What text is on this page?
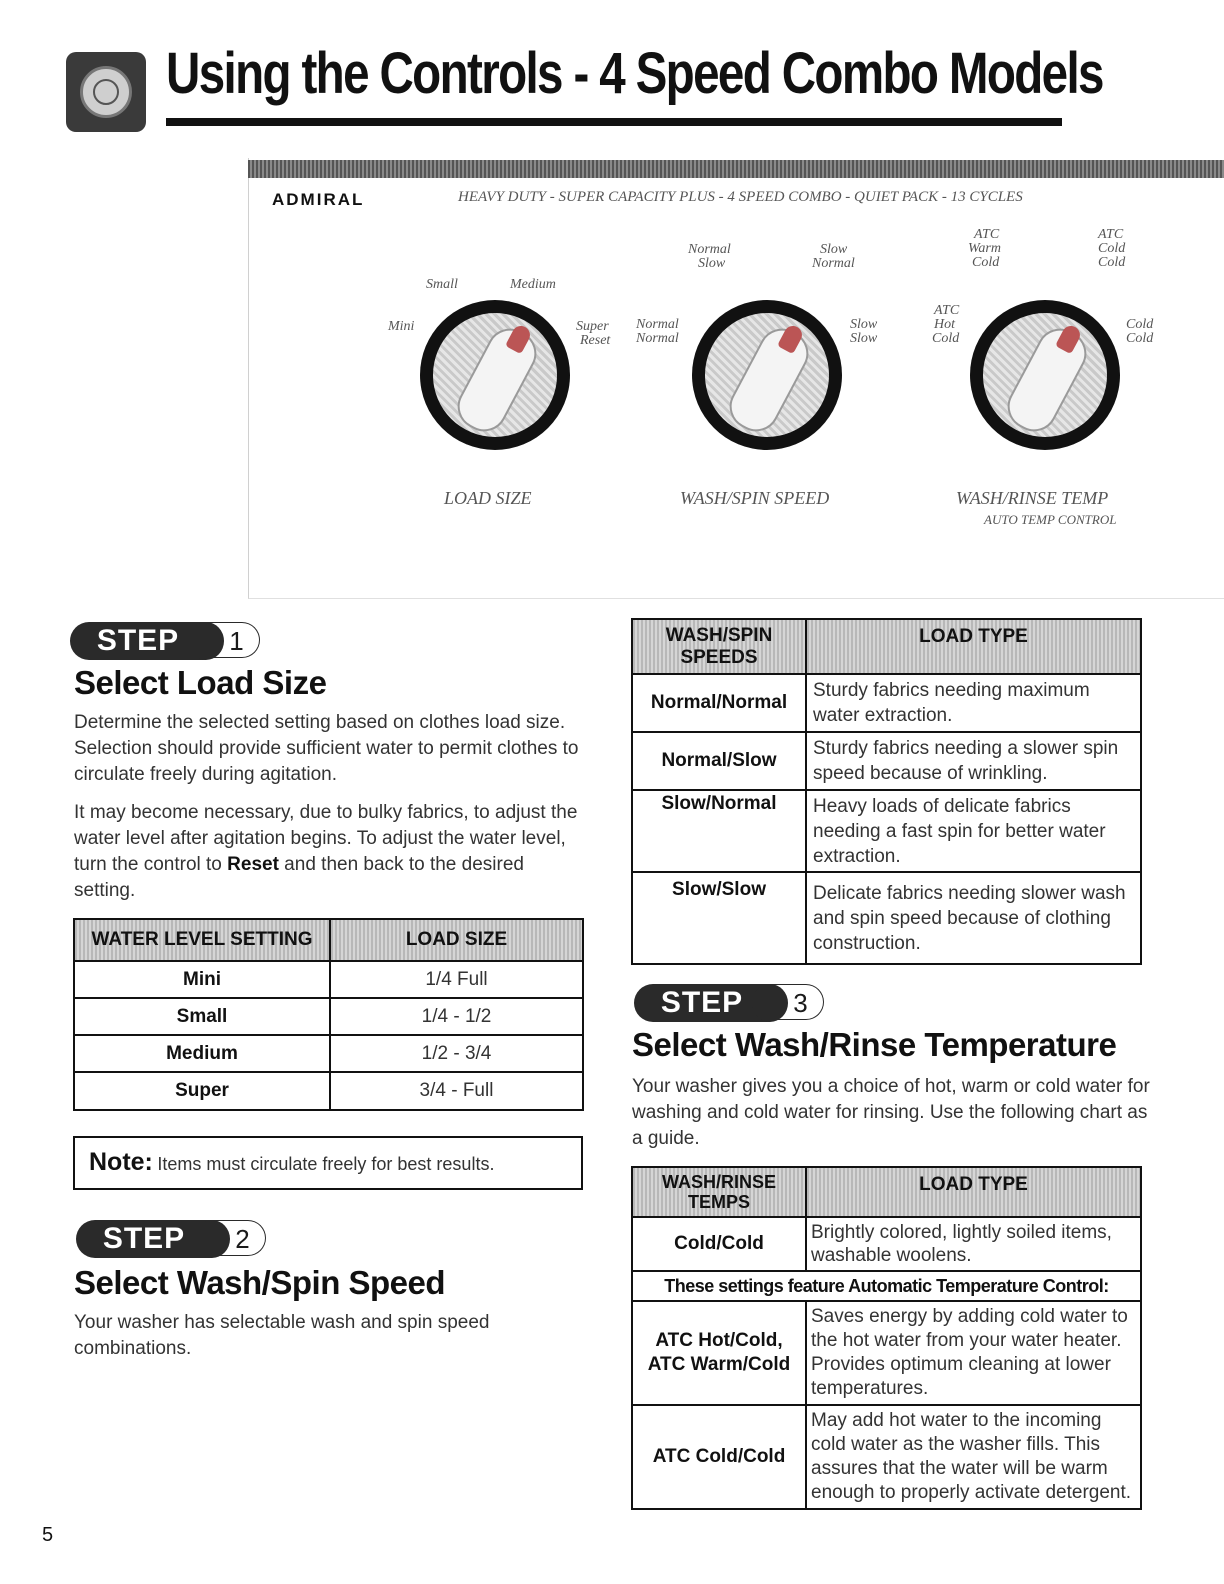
Using the Controls - 4 Speed Combo Models
ADMIRAL	HEAVY DUTY - SUPER CAPACITY PLUS - 4 SPEED COMBO - QUIET PACK - 13 CYCLES
Small	Medium
Mini	Super
Reset
LOAD SIZE
Normal
Slow
Slow
Normal
Normal
Normal
Slow
Slow
WASH/SPIN SPEED
ATC
Warm
Cold
ATC
Cold
Cold
ATC
Hot
Cold
Cold
Cold
WASH/RINSE TEMP
AUTO TEMP CONTROL
STEP	1
Select Load Size

Determine the selected setting based on clothes load size. Selection should provide sufficient water to permit clothes to circulate freely during agitation.

It may become necessary, due to bulky fabrics, to adjust the water level after agitation begins. To adjust the water level, turn the control to Reset and then back to the desired setting.

WATER LEVEL SETTING	LOAD SIZE
Mini	1/4 Full
Small	1/4 - 1/2
Medium	1/2 - 3/4
Super	3/4 - Full
Note: Items must circulate freely for best results.
STEP	2
Select Wash/Spin Speed

Your washer has selectable wash and spin speed combinations.

WASH/SPIN SPEEDS	LOAD TYPE
Normal/Normal	Sturdy fabrics needing maximum water extraction.
Normal/Slow	Sturdy fabrics needing a slower spin speed because of wrinkling.
Slow/Normal	Heavy loads of delicate fabrics needing a fast spin for better water extraction.
Slow/Slow	Delicate fabrics needing slower wash and spin speed because of clothing construction.
STEP	3
Select Wash/Rinse Temperature

Your washer gives you a choice of hot, warm or cold water for washing and cold water for rinsing. Use the following chart as a guide.

WASH/RINSE TEMPS	LOAD TYPE
Cold/Cold	Brightly colored, lightly soiled items, washable woolens.
These settings feature Automatic Temperature Control:	

ATC Hot/Cold,
ATC Warm/Cold	Saves energy by adding cold water to the hot water from your water heater. Provides optimum cleaning at lower temperatures.
ATC Cold/Cold	May add hot water to the incoming cold water as the washer fills. This assures that the water will be warm enough to properly activate detergent.
5
